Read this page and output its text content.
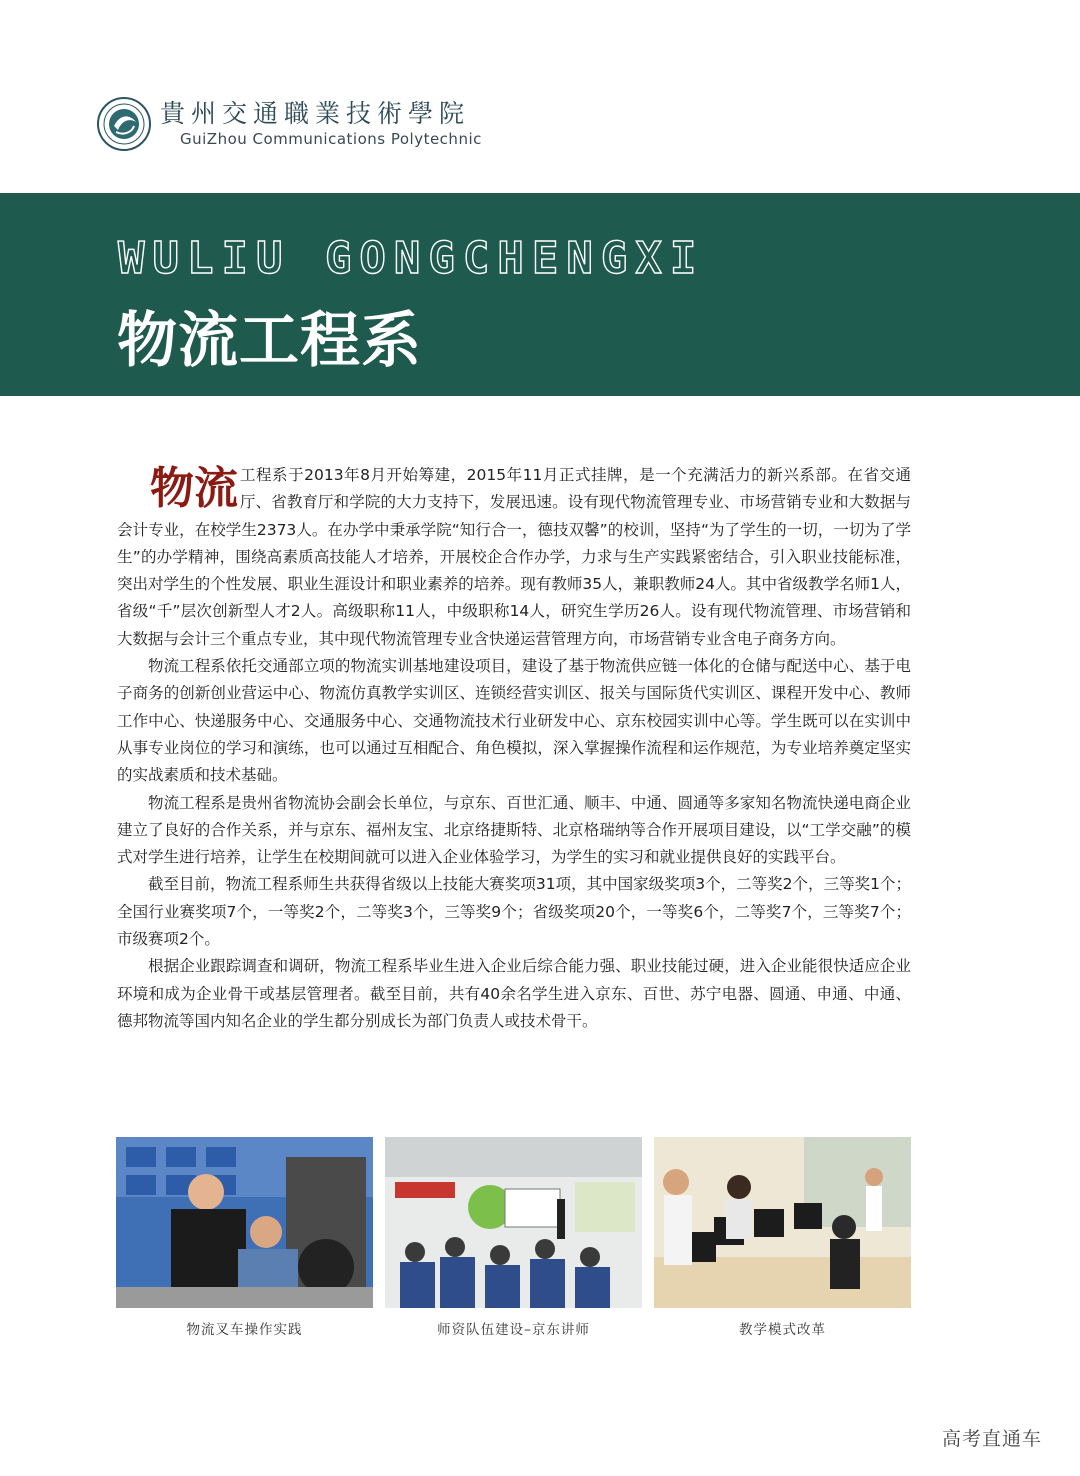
貴州交通職業技術學院
GuiZhou Communications Polytechnic
WULIU GONGCHENGXI
物流工程系

物流 工程系于2013年8月开始筹建，2015年11月正式挂牌，是一个充满活力的新兴系部。在省交通厅、省教育厅和学院的大力支持下，发展迅速。设有现代物流管理专业、市场营销专业和大数据与会计专业，在校学生2373人。在办学中秉承学院“知行合一，德技双馨”的校训，坚持“为了学生的一切，一切为了学生”的办学精神，围绕高素质高技能人才培养，开展校企合作办学，力求与生产实践紧密结合，引入职业技能标准，突出对学生的个性发展、职业生涯设计和职业素养的培养。现有教师35人，兼职教师24人。其中省级教学名师1人，省级“千”层次创新型人才2人。高级职称11人，中级职称14人，研究生学历26人。设有现代物流管理、市场营销和大数据与会计三个重点专业，其中现代物流管理专业含快递运营管理方向，市场营销专业含电子商务方向。

物流工程系依托交通部立项的物流实训基地建设项目，建设了基于物流供应链一体化的仓储与配送中心、基于电子商务的创新创业营运中心、物流仿真教学实训区、连锁经营实训区、报关与国际货代实训区、课程开发中心、教师工作中心、快递服务中心、交通服务中心、交通物流技术行业研发中心、京东校园实训中心等。学生既可以在实训中从事专业岗位的学习和演练，也可以通过互相配合、角色模拟，深入掌握操作流程和运作规范，为专业培养奠定坚实的实战素质和技术基础。

物流工程系是贵州省物流协会副会长单位，与京东、百世汇通、顺丰、中通、圆通等多家知名物流快递电商企业建立了良好的合作关系，并与京东、福州友宝、北京络捷斯特、北京格瑞纳等合作开展项目建设，以“工学交融”的模式对学生进行培养，让学生在校期间就可以进入企业体验学习，为学生的实习和就业提供良好的实践平台。

截至目前，物流工程系师生共获得省级以上技能大赛奖项31项，其中国家级奖项3个，二等奖2个，三等奖1个；全国行业赛奖项7个，一等奖2个，二等奖3个，三等奖9个；省级奖项20个，一等奖6个，二等奖7个，三等奖7个；市级赛项2个。

根据企业跟踪调查和调研，物流工程系毕业生进入企业后综合能力强、职业技能过硬，进入企业能很快适应企业环境和成为企业骨干或基层管理者。截至目前，共有40余名学生进入京东、百世、苏宁电器、圆通、申通、中通、德邦物流等国内知名企业的学生都分别成长为部门负责人或技术骨干。

物流叉车操作实践	师资队伍建设–京东讲师	教学模式改革
高考直通车
